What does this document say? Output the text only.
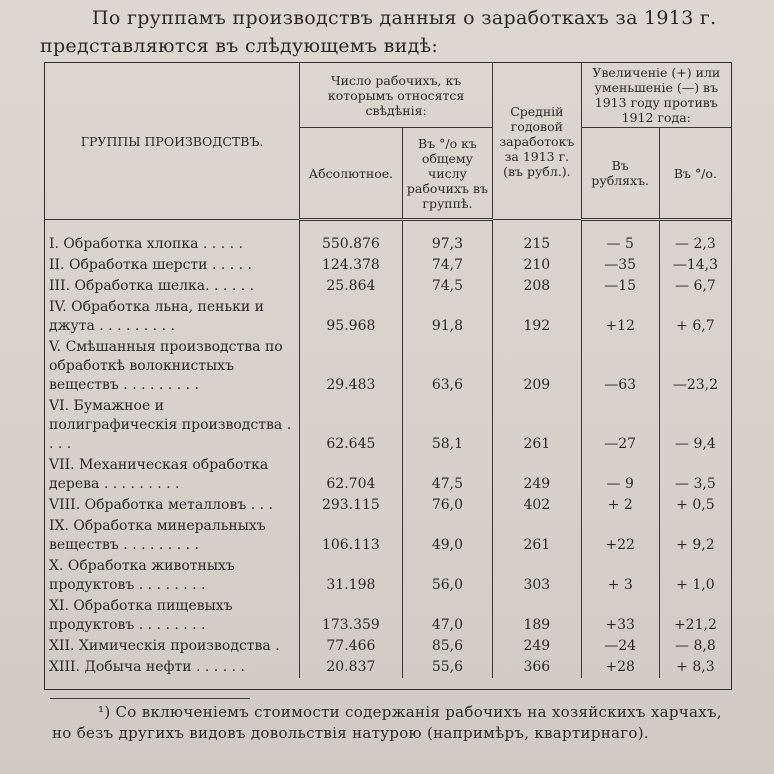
По группамъ производствъ данныя о заработкахъ за 1913 г.
представляются въ слѣдующемъ видѣ:
ГРУППЫ ПРОИЗВОДСТВЪ.	Число рабочихъ, къ которымъ относятся свѣдѣнія:		Средній годовой заработокъ за 1913 г. (въ рубл.).	Увеличеніе (+) или уменьшеніе (—) въ 1913 году противъ 1912 года:	
	Абсолютное.	Въ °/о къ общему числу рабочихъ въ группѣ.		Въ рубляхъ.	Въ °/о.
I. Обработка хлопка . . . . .	550.876	97,3	215	— 5	— 2,3
II. Обработка шерсти . . . . .	124.378	74,7	210	—35	—14,3
III. Обработка шелка. . . . . .	25.864	74,5	208	—15	— 6,7
IV. Обработка льна, пеньки и джута . . . . . . . . .	95.968	91,8	192	+12	+ 6,7
V. Смѣшанныя производства по обработкѣ волокнистыхъ веществъ . . . . . . . . .	29.483	63,6	209	—63	—23,2
VI. Бумажное и полиграфическія производства . . . .	62.645	58,1	261	—27	— 9,4
VII. Механическая обработка дерева . . . . . . . . .	62.704	47,5	249	— 9	— 3,5
VIII. Обработка металловъ . . .	293.115	76,0	402	+ 2	+ 0,5
IX. Обработка минеральныхъ веществъ . . . . . . . . .	106.113	49,0	261	+22	+ 9,2
X. Обработка животныхъ продуктовъ . . . . . . . .	31.198	56,0	303	+ 3	+ 1,0
XI. Обработка пищевыхъ продуктовъ . . . . . . . .	173.359	47,0	189	+33	+21,2
XII. Химическія производства .	77.466	85,6	249	—24	— 8,8
XIII. Добыча нефти . . . . . .	20.837	55,6	366	+28	+ 8,3
¹) Со включеніемъ стоимости содержанія рабочихъ на хозяйскихъ харчахъ,
но безъ другихъ видовъ довольствія натурою (напримѣръ, квартирнаго).
